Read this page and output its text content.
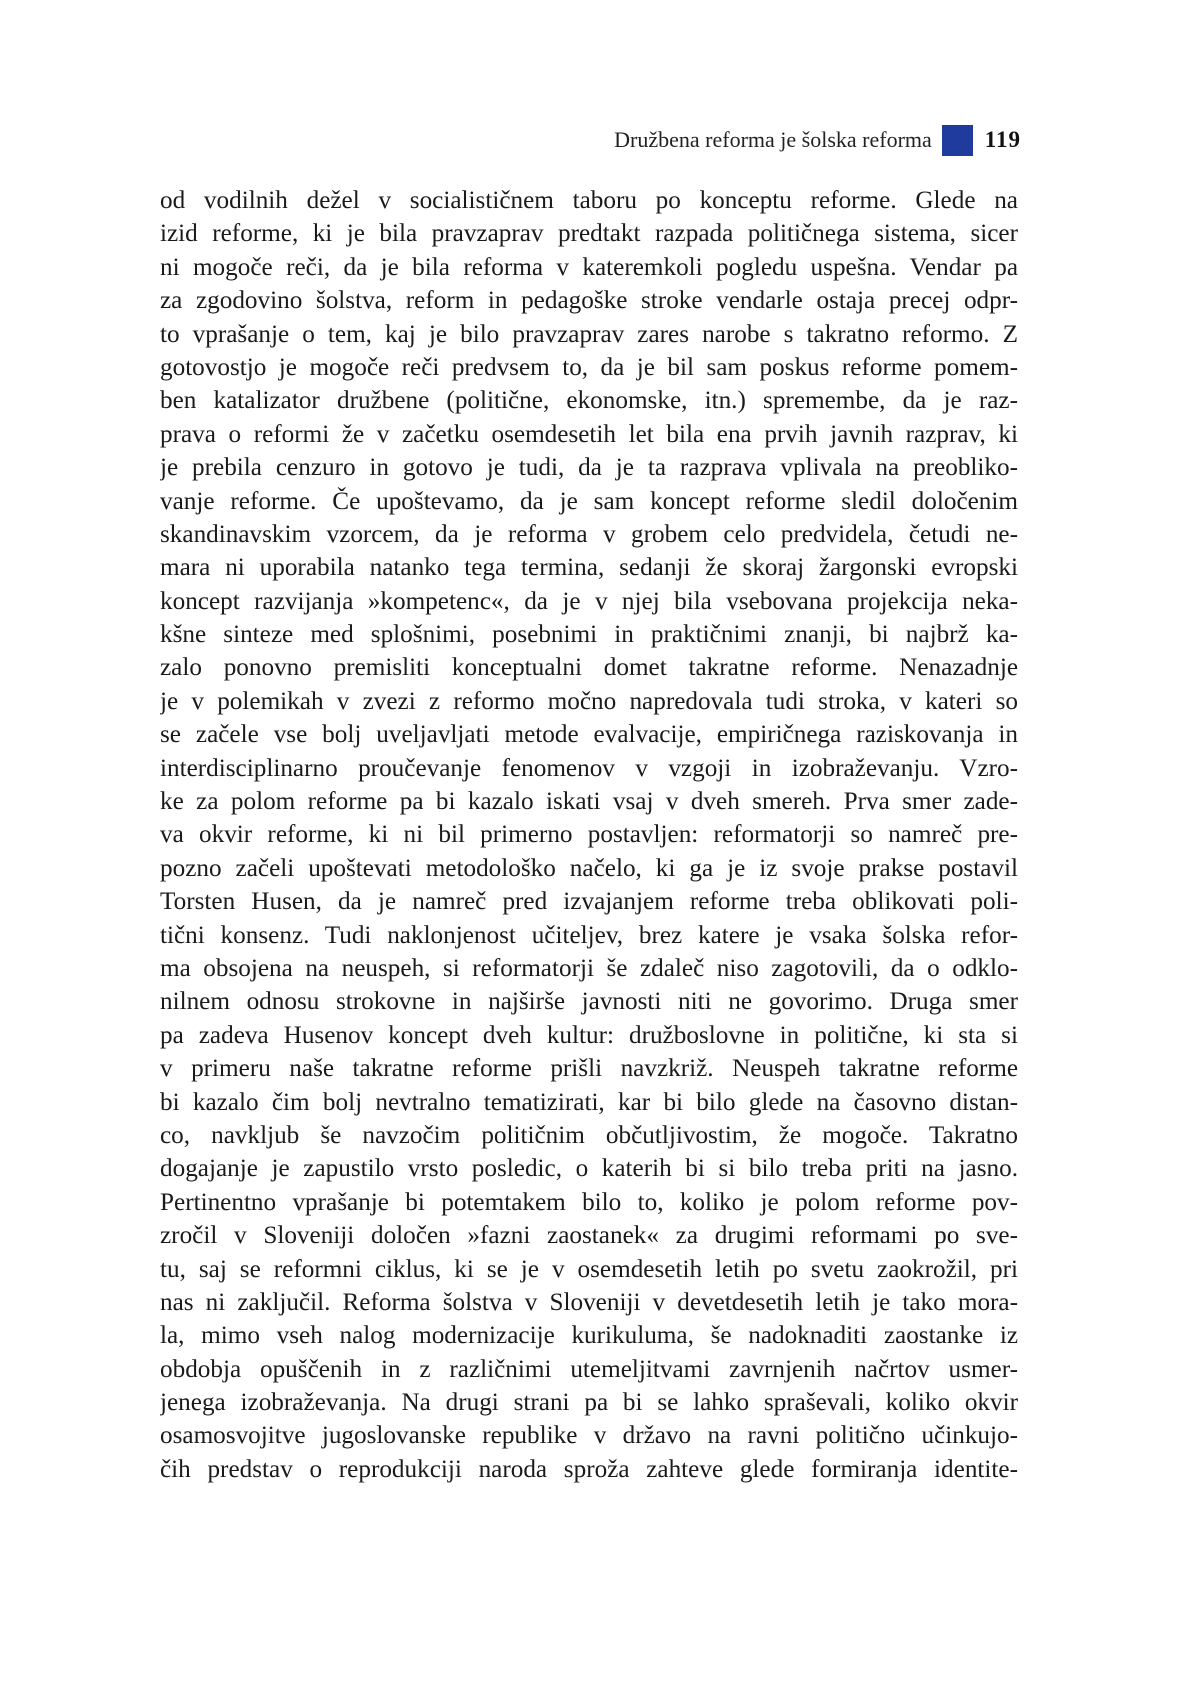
Družbena reforma je šolska reforma 119
od vodilnih dežel v socialističnem taboru po konceptu reforme. Glede na
izid reforme, ki je bila pravzaprav predtakt razpada političnega sistema, sicer
ni mogoče reči, da je bila reforma v kateremkoli pogledu uspešna. Vendar pa
za zgodovino šolstva, reform in pedagoške stroke vendarle ostaja precej odpr-
to vprašanje o tem, kaj je bilo pravzaprav zares narobe s takratno reformo. Z
gotovostjo je mogoče reči predvsem to, da je bil sam poskus reforme pomem-
ben katalizator družbene (politične, ekonomske, itn.) spremembe, da je raz-
prava o reformi že v začetku osemdesetih let bila ena prvih javnih razprav, ki
je prebila cenzuro in gotovo je tudi, da je ta razprava vplivala na preobliko-
vanje reforme. Če upoštevamo, da je sam koncept reforme sledil določenim
skandinavskim vzorcem, da je reforma v grobem celo predvidela, četudi ne-
mara ni uporabila natanko tega termina, sedanji že skoraj žargonski evropski
koncept razvijanja »kompetenc«, da je v njej bila vsebovana projekcija neka-
kšne sinteze med splošnimi, posebnimi in praktičnimi znanji, bi najbrž ka-
zalo ponovno premisliti konceptualni domet takratne reforme. Nenazadnje
je v polemikah v zvezi z reformo močno napredovala tudi stroka, v kateri so
se začele vse bolj uveljavljati metode evalvacije, empiričnega raziskovanja in
interdisciplinarno proučevanje fenomenov v vzgoji in izobraževanju. Vzro-
ke za polom reforme pa bi kazalo iskati vsaj v dveh smereh. Prva smer zade-
va okvir reforme, ki ni bil primerno postavljen: reformatorji so namreč pre-
pozno začeli upoštevati metodološko načelo, ki ga je iz svoje prakse postavil
Torsten Husen, da je namreč pred izvajanjem reforme treba oblikovati poli-
tični konsenz. Tudi naklonjenost učiteljev, brez katere je vsaka šolska refor-
ma obsojena na neuspeh, si reformatorji še zdaleč niso zagotovili, da o odklo-
nilnem odnosu strokovne in najširše javnosti niti ne govorimo. Druga smer
pa zadeva Husenov koncept dveh kultur: družboslovne in politične, ki sta si
v primeru naše takratne reforme prišli navzkriž. Neuspeh takratne reforme
bi kazalo čim bolj nevtralno tematizirati, kar bi bilo glede na časovno distan-
co, navkljub še navzočim političnim občutljivostim, že mogoče. Takratno
dogajanje je zapustilo vrsto posledic, o katerih bi si bilo treba priti na jasno.
Pertinentno vprašanje bi potemtakem bilo to, koliko je polom reforme pov-
zročil v Sloveniji določen »fazni zaostanek« za drugimi reformami po sve-
tu, saj se reformni ciklus, ki se je v osemdesetih letih po svetu zaokrožil, pri
nas ni zaključil. Reforma šolstva v Sloveniji v devetdesetih letih je tako mora-
la, mimo vseh nalog modernizacije kurikuluma, še nadoknaditi zaostanke iz
obdobja opuščenih in z različnimi utemeljitvami zavrnjenih načrtov usmer-
jenega izobraževanja. Na drugi strani pa bi se lahko spraševali, koliko okvir
osamosvojitve jugoslovanske republike v državo na ravni politično učinkujo-
čih predstav o reprodukciji naroda sproža zahteve glede formiranja identite-
